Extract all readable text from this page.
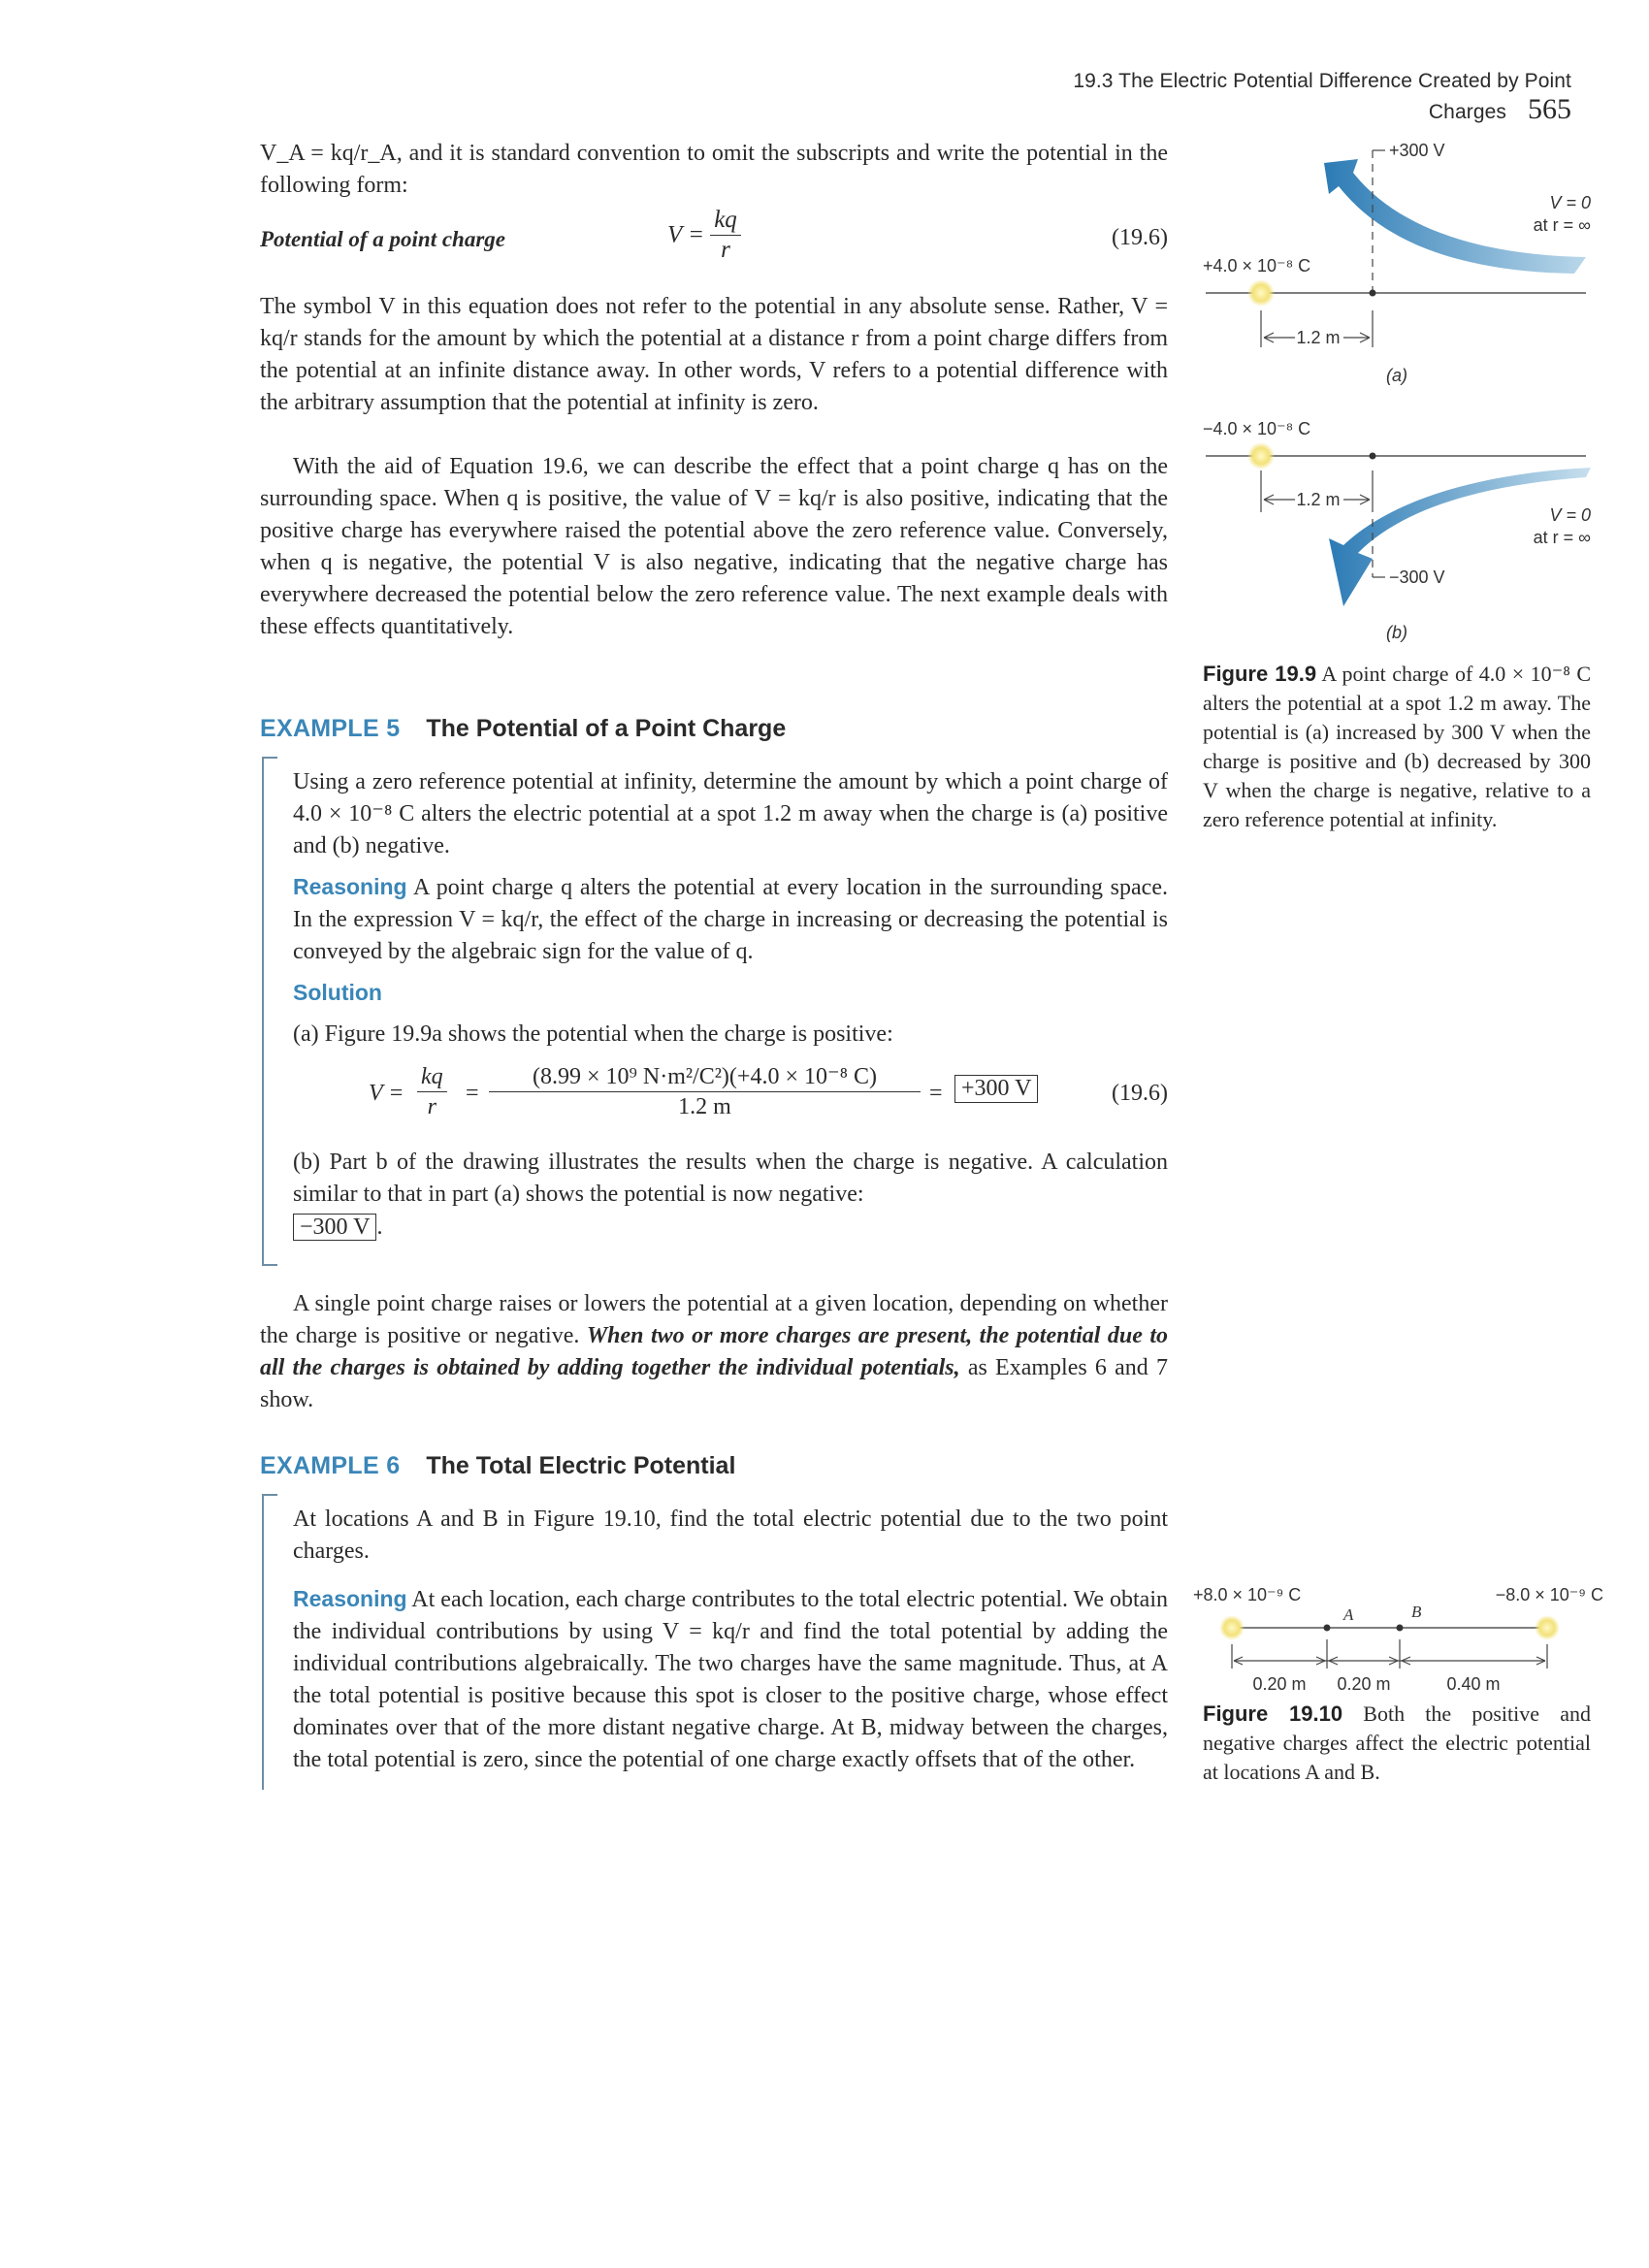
19.3 The Electric Potential Difference Created by Point Charges 565
V_A = kq/r_A, and it is standard convention to omit the subscripts and write the potential in the following form:
Potential of a point charge	$V = \frac{kq}{r}$	(19.6)
The symbol V in this equation does not refer to the potential in any absolute sense. Rather, V = kq/r stands for the amount by which the potential at a distance r from a point charge differs from the potential at an infinite distance away. In other words, V refers to a potential difference with the arbitrary assumption that the potential at infinity is zero.
With the aid of Equation 19.6, we can describe the effect that a point charge q has on the surrounding space. When q is positive, the value of V = kq/r is also positive, indicating that the positive charge has everywhere raised the potential above the zero reference value. Conversely, when q is negative, the potential V is also negative, indicating that the negative charge has everywhere decreased the potential below the zero reference value. The next example deals with these effects quantitatively.
EXAMPLE 5 The Potential of a Point Charge
Using a zero reference potential at infinity, determine the amount by which a point charge of 4.0 × 10⁻⁸ C alters the electric potential at a spot 1.2 m away when the charge is (a) positive and (b) negative.
Reasoning A point charge q alters the potential at every location in the surrounding space. In the expression V = kq/r, the effect of the charge in increasing or decreasing the potential is conveyed by the algebraic sign for the value of q.
Solution
(a) Figure 19.9a shows the potential when the charge is positive:
$V = \frac{kq}{r} = \frac{\text{(8.99 × 10⁹ N·m²/C²)(+4.0 × 10⁻⁸ C)}}{1.2 m} = +300$ V	(19.6)
(b) Part b of the drawing illustrates the results when the charge is negative. A calculation similar to that in part (a) shows the potential is now negative:
−300 V .
A single point charge raises or lowers the potential at a given location, depending on whether the charge is positive or negative. When two or more charges are present, the potential due to all the charges is obtained by adding together the individual potentials, as Examples 6 and 7 show.
EXAMPLE 6 The Total Electric Potential
At locations A and B in Figure 19.10, find the total electric potential due to the two point charges.
Reasoning At each location, each charge contributes to the total electric potential. We obtain the individual contributions by using V = kq/r and find the total potential by adding the individual contributions algebraically. The two charges have the same magnitude. Thus, at A the total potential is positive because this spot is closer to the positive charge, whose effect dominates over that of the more distant negative charge. At B, midway between the charges, the total potential is zero, since the potential of one charge exactly offsets that of the other.
+300 V
V = 0
at r = ∞
+4.0 × 10⁻⁸ C
1.2 m
(a)
−4.0 × 10⁻⁸ C
1.2 m
−300 V
V = 0
at r = ∞
(b)
Figure 19.9 A point charge of 4.0 × 10⁻⁸ C alters the potential at a spot 1.2 m away. The potential is (a) increased by 300 V when the charge is positive and (b) decreased by 300 V when the charge is negative, relative to a zero reference potential at infinity.
+8.0 × 10⁻⁹ C	−8.0 × 10⁻⁹ C
A	B
0.20 m 0.20 m	0.40 m
Figure 19.10 Both the positive and negative charges affect the electric potential at locations A and B.
